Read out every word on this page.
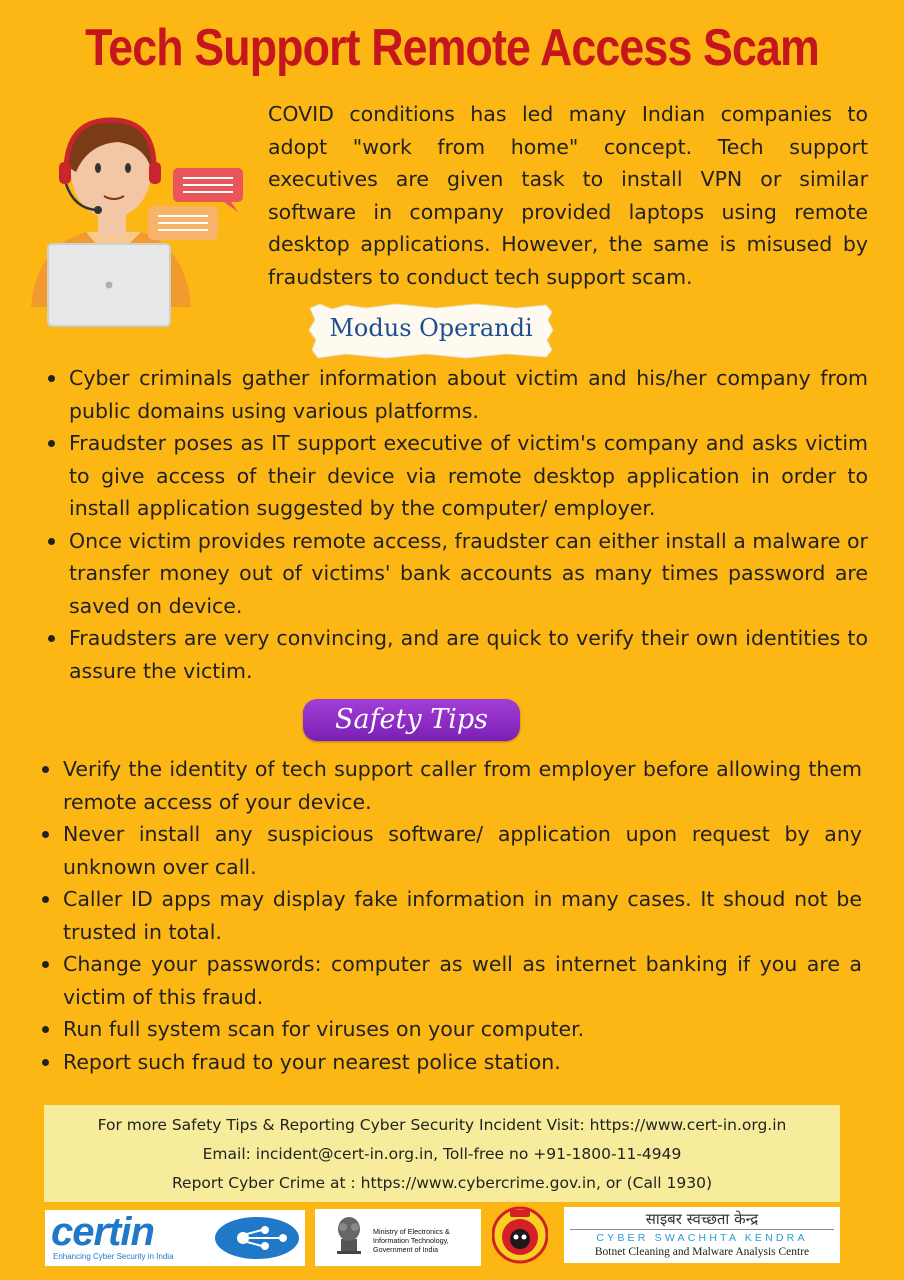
Tech Support Remote Access Scam

COVID conditions has led many Indian companies to adopt "work from home" concept. Tech support executives are given task to install VPN or similar software in company provided laptops using remote desktop applications. However, the same is misused by fraudsters to conduct tech support scam.

Modus Operandi
Cyber criminals gather information about victim and his/her company from public domains using various platforms.
Fraudster poses as IT support executive of victim's company and asks victim to give access of their device via remote desktop application in order to install application suggested by the computer/ employer.
Once victim provides remote access, fraudster can either install a malware or transfer money out of victims' bank accounts as many times password are saved on device.
Fraudsters are very convincing, and are quick to verify their own identities to assure the victim.
Safety Tips
Verify the identity of tech support caller from employer before allowing them remote access of your device.
Never install any suspicious software/ application upon request by any unknown over call.
Caller ID apps may display fake information in many cases. It shoud not be trusted in total.
Change your passwords: computer as well as internet banking if you are a victim of this fraud.
Run full system scan for viruses on your computer.
Report such fraud to your nearest police station.
For more Safety Tips & Reporting Cyber Security Incident Visit: https://www.cert-in.org.in
Email: incident@cert-in.org.in, Toll-free no +91-1800-11-4949
Report Cyber Crime at : https://www.cybercrime.gov.in, or (Call 1930)
certin
Enhancing Cyber Security in India
Ministry of Electronics &
Information Technology,
Government of India
साइबर स्वच्छता केन्द्र
CYBER SWACHHTA KENDRA
Botnet Cleaning and Malware Analysis Centre
